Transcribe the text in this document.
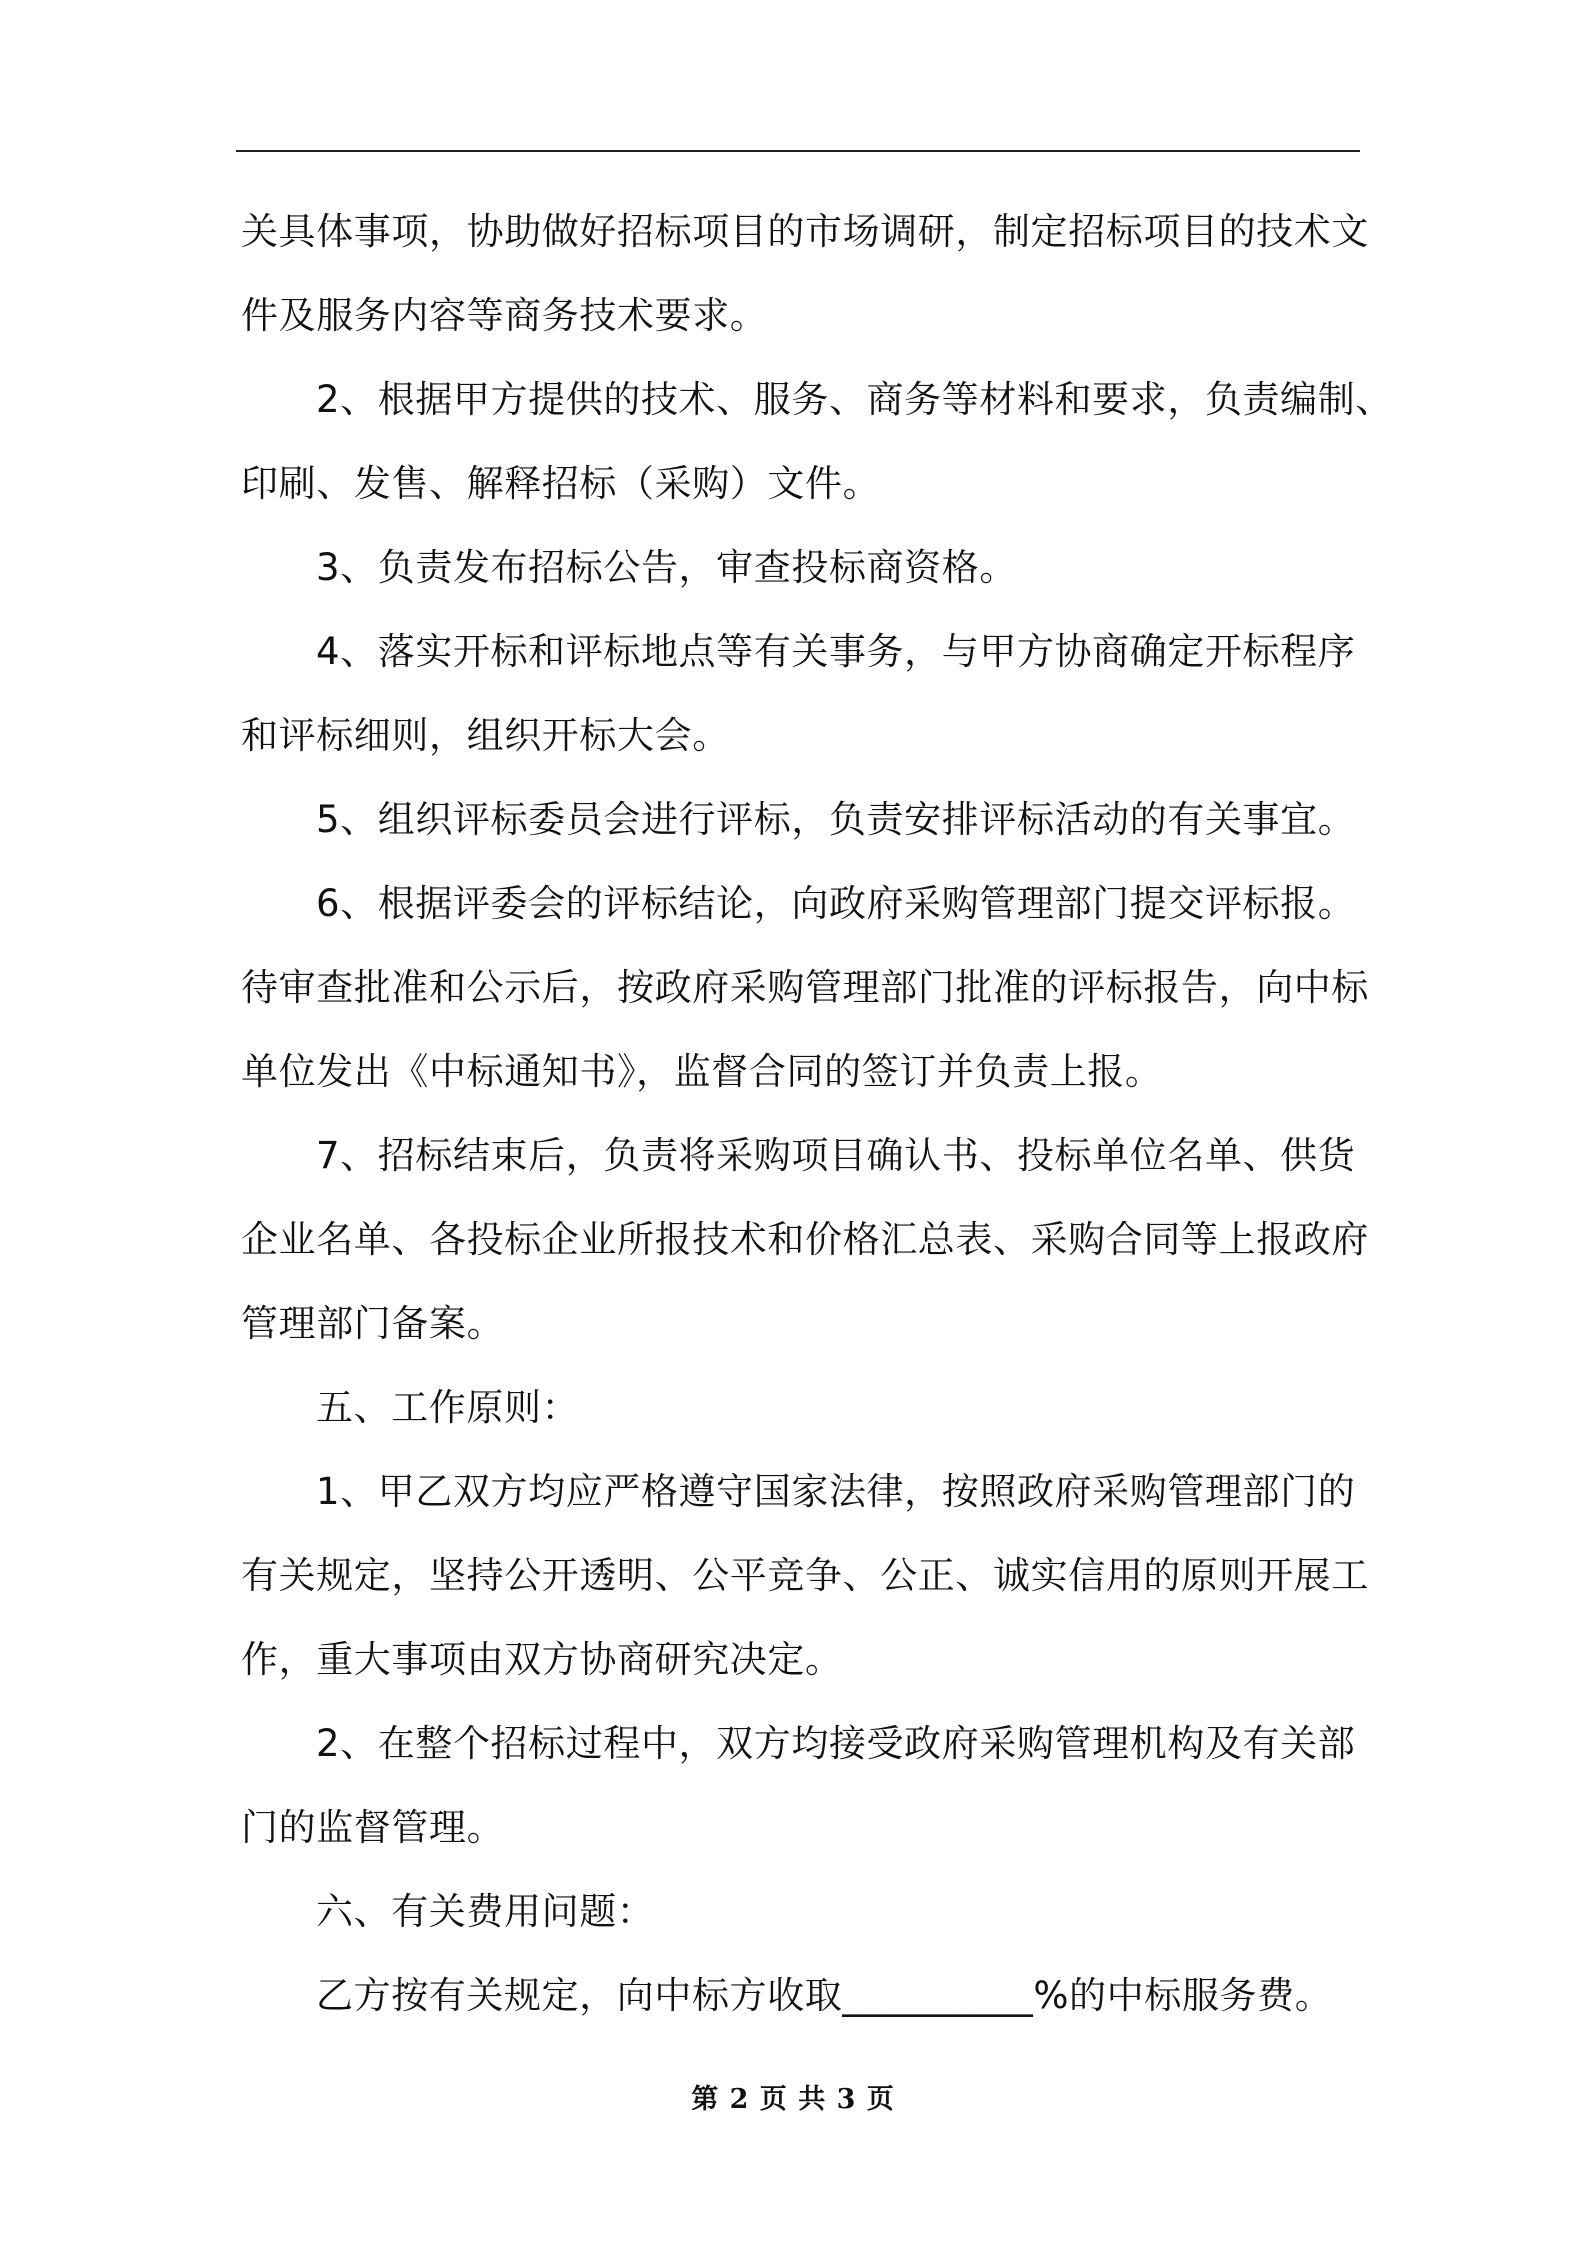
关具体事项，协助做好招标项目的市场调研，制定招标项目的技术文

件及服务内容等商务技术要求。

2、根据甲方提供的技术、服务、商务等材料和要求，负责编制、

印刷、发售、解释招标（采购）文件。

3、负责发布招标公告，审查投标商资格。

4、落实开标和评标地点等有关事务，与甲方协商确定开标程序

和评标细则，组织开标大会。

5、组织评标委员会进行评标，负责安排评标活动的有关事宜。

6、根据评委会的评标结论，向政府采购管理部门提交评标报。

待审查批准和公示后，按政府采购管理部门批准的评标报告，向中标

单位发出《中标通知书》，监督合同的签订并负责上报。

7、招标结束后，负责将采购项目确认书、投标单位名单、供货

企业名单、各投标企业所报技术和价格汇总表、采购合同等上报政府

管理部门备案。

五、工作原则：

1、甲乙双方均应严格遵守国家法律，按照政府采购管理部门的

有关规定，坚持公开透明、公平竞争、公正、诚实信用的原则开展工

作，重大事项由双方协商研究决定。

2、在整个招标过程中，双方均接受政府采购管理机构及有关部

门的监督管理。

六、有关费用问题：

乙方按有关规定，向中标方收取__________%的中标服务费。

第 2 页 共 3 页
